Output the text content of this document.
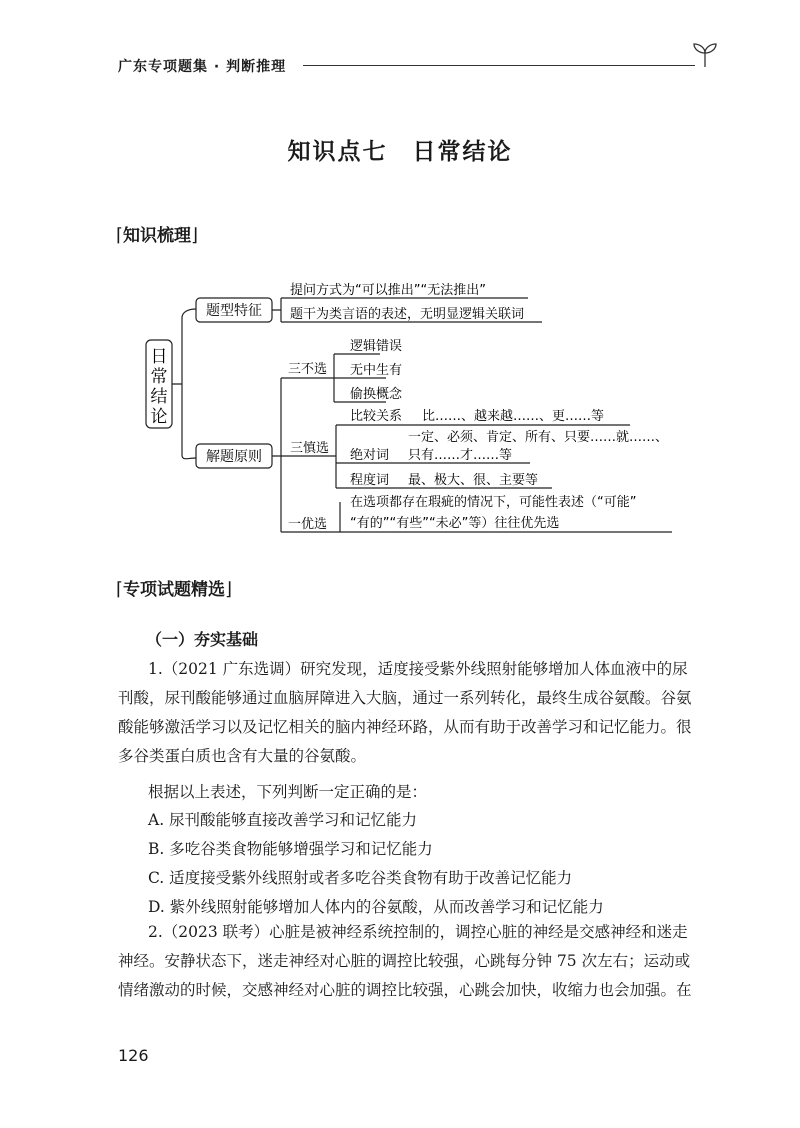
广东专项题集 · 判断推理
知识点七　日常结论
⌈知识梳理⌋
日
常
结
论
题型特征
解题原则
提问方式为“可以推出”“无法推出”
题干为类言语的表述，无明显逻辑关联词
三不选
逻辑错误
无中生有
偷换概念
三慎选
比较关系 比……、越来越……、更……等
一定、必须、肯定、所有、只要……就……、
绝对词 只有……才……等
程度词 最、极大、很、主要等
一优选
在选项都存在瑕疵的情况下，可能性表述（“可能”
“有的”“有些”“未必”等）往往优先选
⌈专项试题精选⌋
（一）夯实基础
1.（2021 广东选调）研究发现，适度接受紫外线照射能够增加人体血液中的尿
刊酸，尿刊酸能够通过血脑屏障进入大脑，通过一系列转化，最终生成谷氨酸。谷氨
酸能够激活学习以及记忆相关的脑内神经环路，从而有助于改善学习和记忆能力。很
多谷类蛋白质也含有大量的谷氨酸。
根据以上表述，下列判断一定正确的是：
A. 尿刊酸能够直接改善学习和记忆能力
B. 多吃谷类食物能够增强学习和记忆能力
C. 适度接受紫外线照射或者多吃谷类食物有助于改善记忆能力
D. 紫外线照射能够增加人体内的谷氨酸，从而改善学习和记忆能力
2.（2023 联考）心脏是被神经系统控制的，调控心脏的神经是交感神经和迷走
神经。安静状态下，迷走神经对心脏的调控比较强，心跳每分钟 75 次左右；运动或
情绪激动的时候，交感神经对心脏的调控比较强，心跳会加快，收缩力也会加强。在
126
